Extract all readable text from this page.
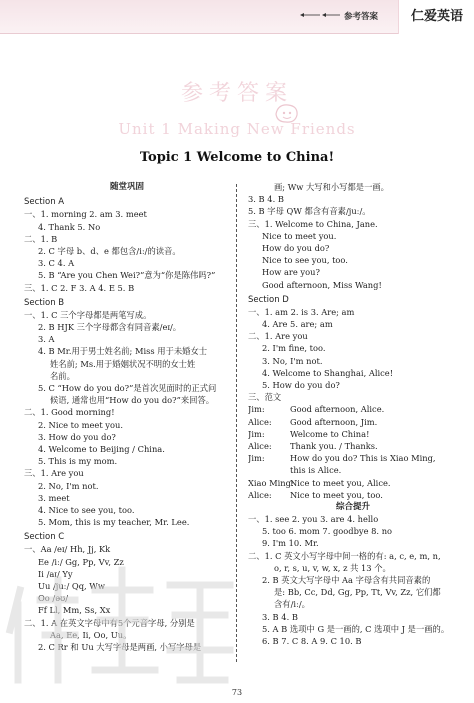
参考答案	仁爱英语
参考答案
Unit 1 Making New Friends
Topic 1 Welcome to China!
随堂巩固
Section A
一、1. morning 2. am 3. meet
4. Thank 5. No
二、1. B
2. C 字母 b、d、e 都包含/iː/的读音。
3. C 4. A
5. B “Are you Chen Wei?”意为“你是陈伟吗?”
三、1. C 2. F 3. A 4. E 5. B
Section B
一、1. C 三个字母都是两笔写成。
2. B HJK 三个字母都含有同音素/eɪ/。
3. A
4. B Mr.用于男士姓名前; Miss 用于未婚女士
姓名前; Ms.用于婚姻状况不明的女士姓
名前。
5. C “How do you do?”是首次见面时的正式问
候语, 通常也用“How do you do?”来回答。
二、1. Good morning!
2. Nice to meet you.
3. How do you do?
4. Welcome to Beijing / China.
5. This is my mom.
三、1. Are you
2. No, I'm not.
3. meet
4. Nice to see you, too.
5. Mom, this is my teacher, Mr. Lee.
Section C
一、Aa /eɪ/ Hh, Jj, Kk
Ee /iː/ Gg, Pp, Vv, Zz
Ii /aɪ/ Yy
Uu /juː/ Qq, Ww
Oo /əʊ/
Ff Ll, Mm, Ss, Xx
二、1. A 在英文字母中有5个元音字母, 分别是
Aa, Ee, Ii, Oo, Uu。
2. C Rr 和 Uu 大写字母是两画, 小写字母是
画; Ww 大写和小写都是一画。
3. B 4. B
5. B 字母 QW 都含有音素/juː/。
三、1. Welcome to China, Jane.
Nice to meet you.
How do you do?
Nice to see you, too.
How are you?
Good afternoon, Miss Wang!
Section D
一、1. am 2. is 3. Are; am
4. Are 5. are; am
二、1. Are you
2. I'm fine, too.
3. No, I'm not.
4. Welcome to Shanghai, Alice!
5. How do you do?
三、范文
Jim:	Good afternoon, Alice.
Alice: Good afternoon, Jim.
Jim:	Welcome to China!
Alice: Thank you. / Thanks.
Jim:	How do you do? This is Xiao Ming,
this is Alice.
Xiao Ming:Nice to meet you, Alice.
Alice: Nice to meet you, too.
综合提升
一、1. see 2. you 3. are 4. hello
5. too 6. mom 7. goodbye 8. no
9. I'm 10. Mr.
二、1. C 英文小写字母中间一格的有: a, c, e, m, n,
o, r, s, u, v, w, x, z 共 13 个。
2. B 英文大写字母中 Aa 字母含有共同音素的
是: Bb, Cc, Dd, Gg, Pp, Tt, Vv, Zz, 它们都
含有/iː/。
3. B 4. B
5. A B 选项中 G 是一画的, C 选项中 J 是一画的。
6. B 7. C 8. A 9. C 10. B
73
